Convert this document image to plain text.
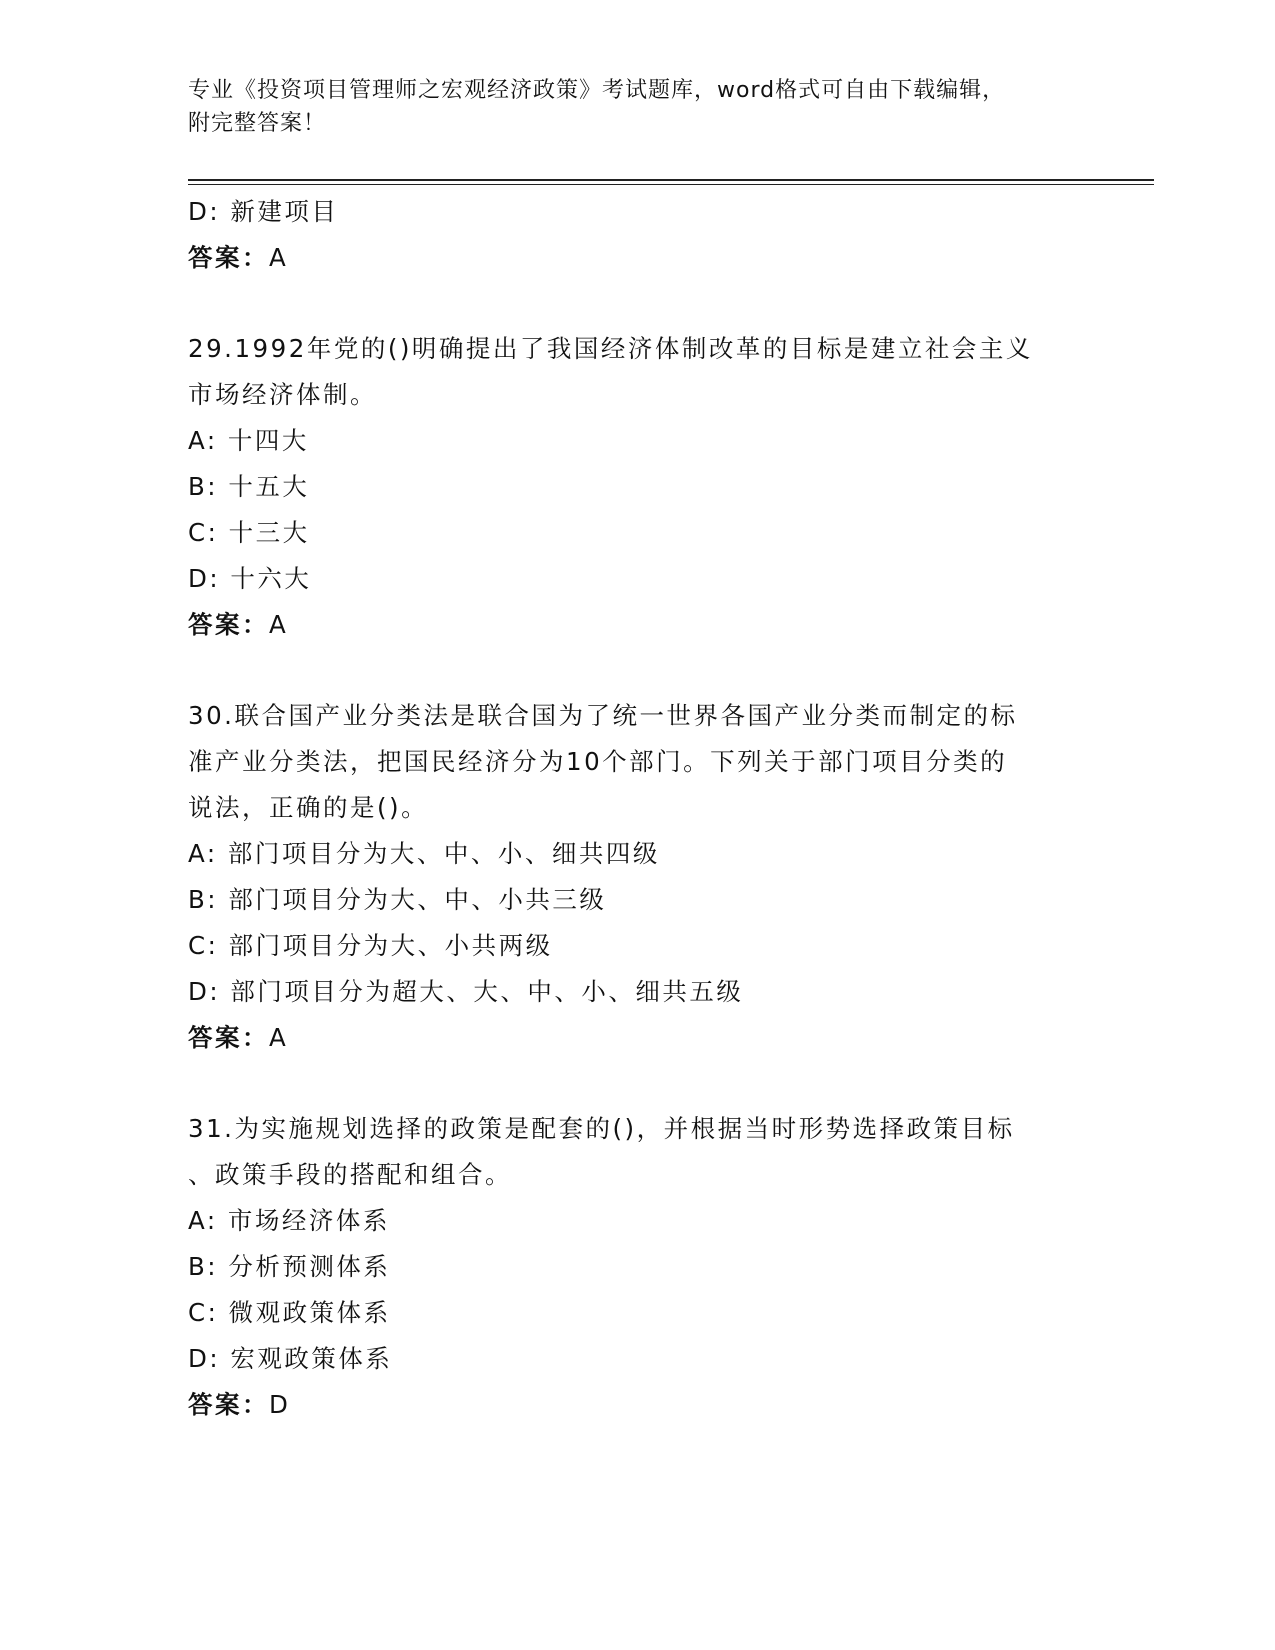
专业《投资项目管理师之宏观经济政策》考试题库，word格式可自由下载编辑，
附完整答案！
D: 新建项目
答案：A
29.1992年党的()明确提出了我国经济体制改革的目标是建立社会主义
市场经济体制。
A: 十四大
B: 十五大
C: 十三大
D: 十六大
答案：A
30.联合国产业分类法是联合国为了统一世界各国产业分类而制定的标
准产业分类法，把国民经济分为10个部门。下列关于部门项目分类的
说法，正确的是()。
A: 部门项目分为大、中、小、细共四级
B: 部门项目分为大、中、小共三级
C: 部门项目分为大、小共两级
D: 部门项目分为超大、大、中、小、细共五级
答案：A
31.为实施规划选择的政策是配套的()，并根据当时形势选择政策目标
、政策手段的搭配和组合。
A: 市场经济体系
B: 分析预测体系
C: 微观政策体系
D: 宏观政策体系
答案：D
